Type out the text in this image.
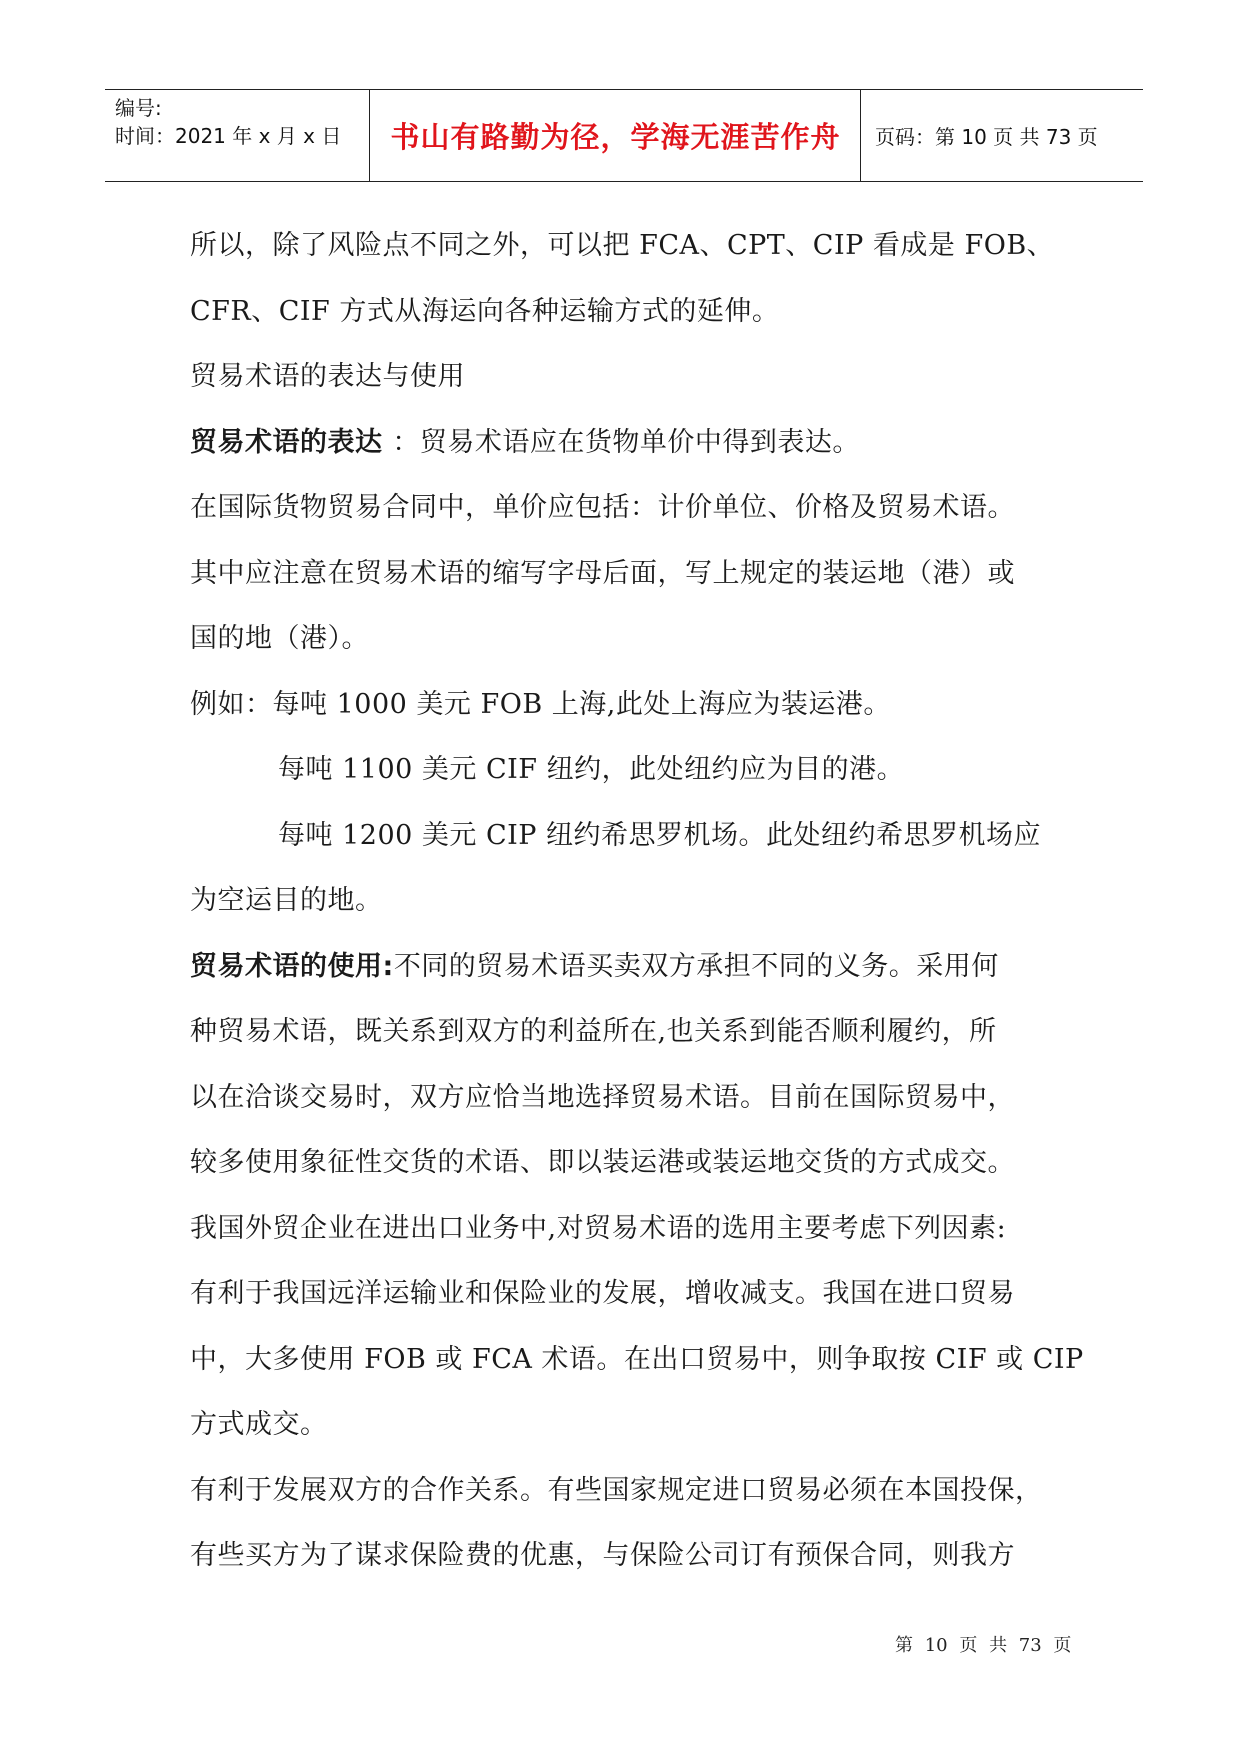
编号:
时间：2021 年 x 月 x 日	书山有路勤为径，学海无涯苦作舟	页码：第 10 页 共 73 页
所以，除了风险点不同之外，可以把 FCA、CPT、CIP 看成是 FOB、
CFR、CIF 方式从海运向各种运输方式的延伸。
贸易术语的表达与使用
贸易术语的表达 ：贸易术语应在货物单价中得到表达。
在国际货物贸易合同中，单价应包括：计价单位、价格及贸易术语。
其中应注意在贸易术语的缩写字母后面，写上规定的装运地（港）或
国的地（港）。
例如：每吨 1000 美元 FOB 上海,此处上海应为装运港。
每吨 1100 美元 CIF 纽约，此处纽约应为目的港。
每吨 1200 美元 CIP 纽约希思罗机场。此处纽约希思罗机场应
为空运目的地。
贸易术语的使用:不同的贸易术语买卖双方承担不同的义务。采用何
种贸易术语，既关系到双方的利益所在,也关系到能否顺利履约，所
以在洽谈交易时，双方应恰当地选择贸易术语。目前在国际贸易中，
较多使用象征性交货的术语、即以装运港或装运地交货的方式成交。
我国外贸企业在进出口业务中,对贸易术语的选用主要考虑下列因素:
有利于我国远洋运输业和保险业的发展，增收减支。我国在进口贸易
中，大多使用 FOB 或 FCA 术语。在出口贸易中，则争取按 CIF 或 CIP
方式成交。
有利于发展双方的合作关系。有些国家规定进口贸易必须在本国投保，
有些买方为了谋求保险费的优惠，与保险公司订有预保合同，则我方
第 10 页 共 73 页
